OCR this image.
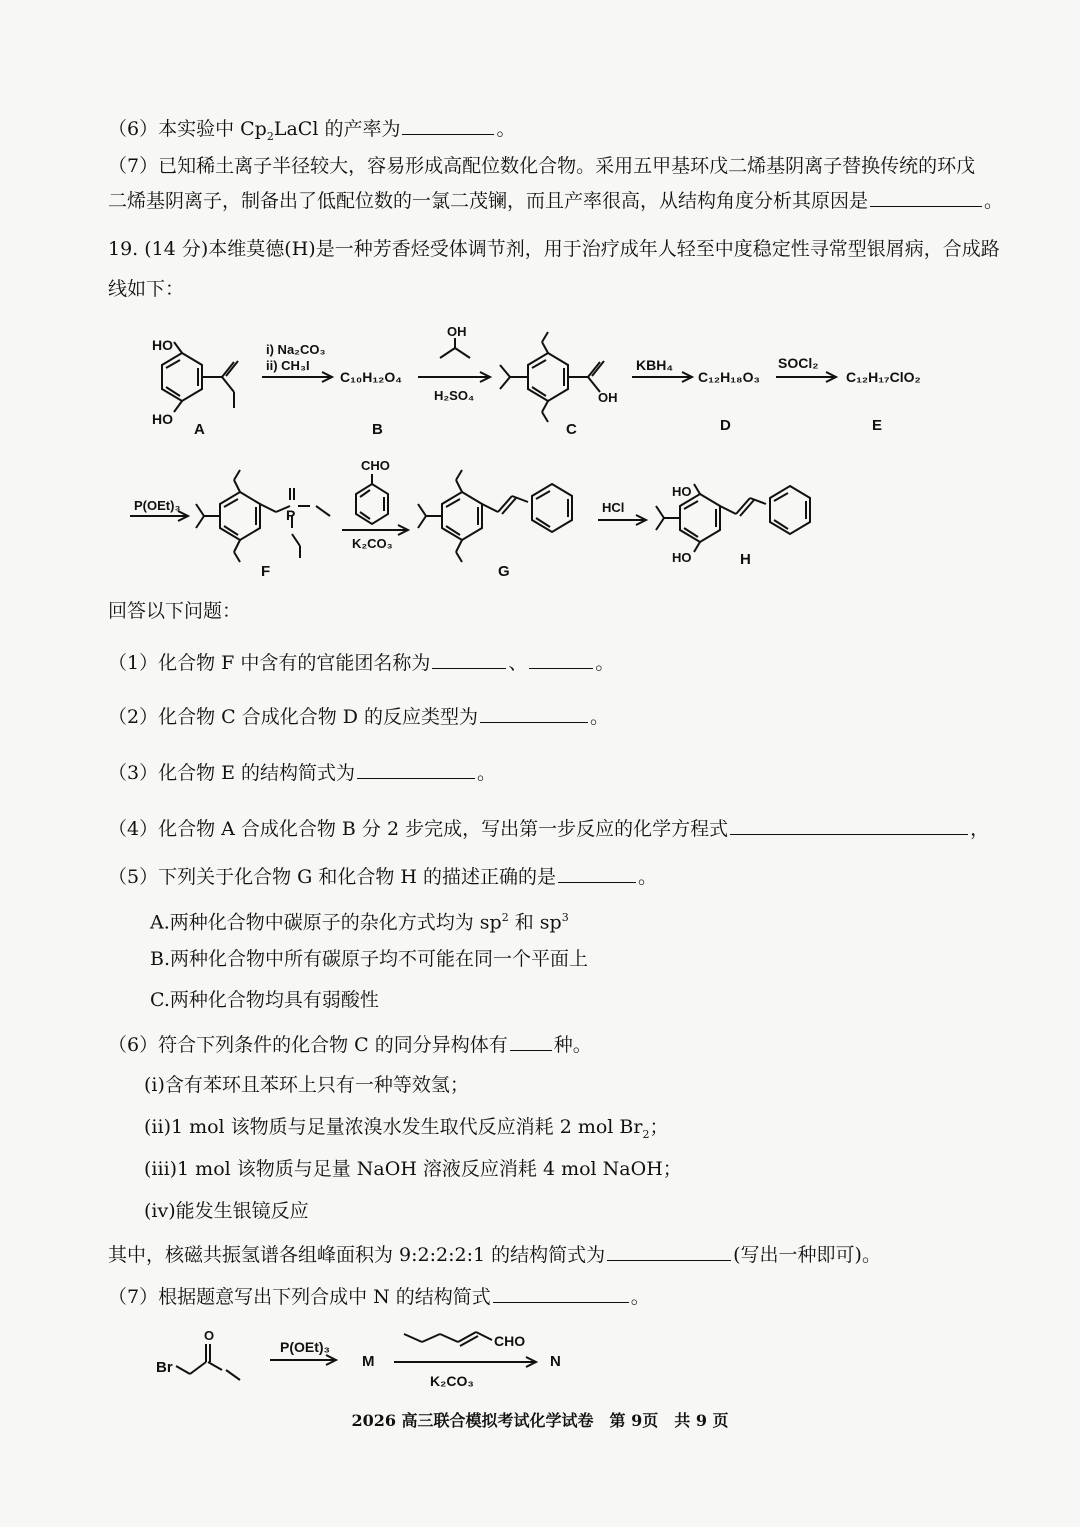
（6）本实验中 $Cp_2LaCl$ 的产率为	。
（7）已知稀土离子半径较大，容易形成高配位数化合物。采用五甲基环戊二烯基阴离子替换传统的环戊
二烯基阴离子，制备出了低配位数的一氯二茂镧，而且产率很高，从结构角度分析其原因是	。
19. (14 分)本维莫德(H)是一种芳香烃受体调节剂，用于治疗成年人轻至中度稳定性寻常型银屑病，合成路
线如下：
HO
HO
A
i) Na₂CO₃
ii) CH₃I
C₁₀H₁₂O₄
B
OH
H₂SO₄	OH
C
KBH₄
C₁₂H₁₈O₃
D
SOCl₂
C₁₂H₁₇ClO₂
E
P(OEt)₃
P
F
CHO
K₂CO₃
G
HCl
HO
HO	H
回答以下问题：
（1）化合物 F 中含有的官能团名称为	、	。
（2）化合物 C 合成化合物 D 的反应类型为	。
（3）化合物 E 的结构简式为	。
（4）化合物 A 合成化合物 B 分 2 步完成，写出第一步反应的化学方程式	，
（5）下列关于化合物 G 和化合物 H 的描述正确的是	。
A.两种化合物中碳原子的杂化方式均为 $sp^2$ 和 $sp^3$
B.两种化合物中所有碳原子均不可能在同一个平面上
C.两种化合物均具有弱酸性
（6）符合下列条件的化合物 C 的同分异构体有 种。
(i)含有苯环且苯环上只有一种等效氢；
(ii)1 mol 该物质与足量浓溴水发生取代反应消耗 2 mol $Br_2$；
(iii)1 mol 该物质与足量 NaOH 溶液反应消耗 4 mol NaOH；
(iv)能发生银镜反应
其中，核磁共振氢谱各组峰面积为 9:2:2:2:1 的结构简式为	(写出一种即可)。
（7）根据题意写出下列合成中 N 的结构简式	。
O
Br
P(OEt)₃
M
CHO
K₂CO₃
N
2026 高三联合模拟考试化学试卷　第 9页　共 9 页
